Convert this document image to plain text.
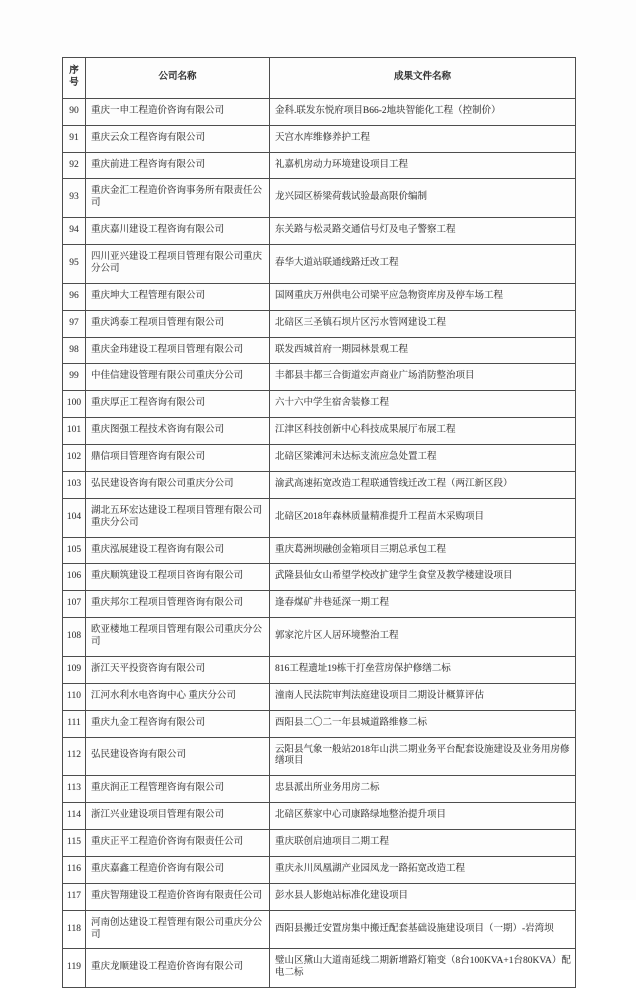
序号	公司名称	成果文件名称
90	重庆一申工程造价咨询有限公司	金科.联发东悦府项目B66-2地块智能化工程（控制价）
91	重庆云众工程咨询有限公司	天宫水库维修养护工程
92	重庆前进工程咨询有限公司	礼嘉机房动力环境建设项目工程
93	重庆金汇工程造价咨询事务所有限责任公司	龙兴园区桥梁荷载试验最高限价编制
94	重庆嘉川建设工程咨询有限公司	东关路与松灵路交通信号灯及电子警察工程
95	四川亚兴建设工程项目管理有限公司重庆分公司	春华大道站联通线路迁改工程
96	重庆坤大工程管理有限公司	国网重庆万州供电公司梁平应急物资库房及停车场工程
97	重庆鸿泰工程项目管理有限公司	北碚区三圣镇石坝片区污水管网建设工程
98	重庆金玮建设工程项目管理有限公司	联发西城首府一期园林景观工程
99	中佳信建设管理有限公司重庆分公司	丰都县丰都三合街道宏声商业广场消防整治项目
100	重庆厚正工程咨询有限公司	六十六中学生宿舍装修工程
101	重庆图强工程技术咨询有限公司	江津区科技创新中心科技成果展厅布展工程
102	鼎信项目管理咨询有限公司	北碚区梁滩河未达标支流应急处置工程
103	弘民建设咨询有限公司重庆分公司	渝武高速拓宽改造工程联通管线迁改工程（两江新区段）
104	湖北五环宏达建设工程项目管理有限公司重庆分公司	北碚区2018年森林质量精准提升工程苗木采购项目
105	重庆泓展建设工程咨询有限公司	重庆葛洲坝融创金箱项目三期总承包工程
106	重庆顺筑建设工程项目咨询有限公司	武隆县仙女山希望学校改扩建学生食堂及教学楼建设项目
107	重庆邦尔工程项目管理咨询有限公司	逢春煤矿井巷延深一期工程
108	欧亚楼地工程项目管理有限公司重庆分公司	郭家沱片区人居环境整治工程
109	浙江天平投资咨询有限公司	816工程遗址19栋干打垒营房保护修缮二标
110	江河水利水电咨询中心 重庆分公司	潼南人民法院审判法庭建设项目二期设计概算评估
111	重庆九金工程咨询有限公司	酉阳县二〇二一年县城道路维修二标
112	弘民建设咨询有限公司	云阳县气象一般站2018年山洪二期业务平台配套设施建设及业务用房修缮项目
113	重庆润正工程管理咨询有限公司	忠县派出所业务用房二标
114	浙江兴业建设项目管理有限公司	北碚区蔡家中心司康路绿地整治提升项目
115	重庆正平工程造价咨询有限责任公司	重庆联创启迪项目二期工程
116	重庆嘉鑫工程造价咨询有限公司	重庆永川凤凰湖产业园凤龙一路拓宽改造工程
117	重庆智翔建设工程造价咨询有限责任公司	彭水县人影炮站标准化建设项目
118	河南创达建设工程管理有限公司重庆分公司	酉阳县搬迁安置房集中搬迁配套基础设施建设项目（一期）-岩湾坝
119	重庆龙顺建设工程造价咨询有限公司	璧山区黛山大道南延线二期新增路灯箱变（8台100KVA+1台80KVA）配电二标
